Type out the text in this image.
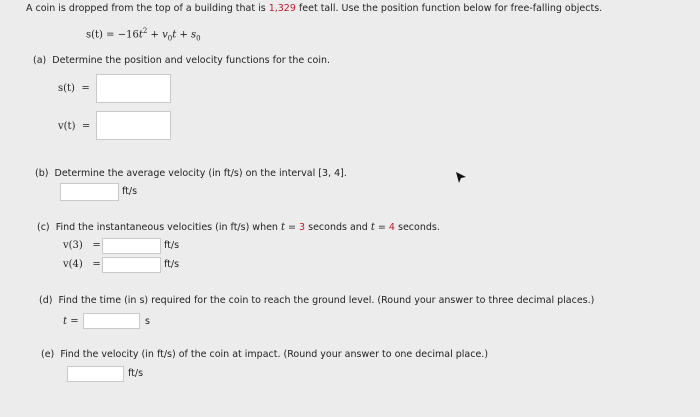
A coin is dropped from the top of a building that is 1,329 feet tall. Use the position function below for free-falling objects.
$s(t) = -16t^2 + v_0t + s_0$
(a) Determine the position and velocity functions for the coin.
s(t) =
v(t) =
(b) Determine the average velocity (in ft/s) on the interval [3, 4].
ft/s
(c) Find the instantaneous velocities (in ft/s) when t = 3 seconds and t = 4 seconds.
v(3) =	ft/s
v(4) =	ft/s
(d) Find the time (in s) required for the coin to reach the ground level. (Round your answer to three decimal places.)
t =	s
(e) Find the velocity (in ft/s) of the coin at impact. (Round your answer to one decimal place.)
ft/s
